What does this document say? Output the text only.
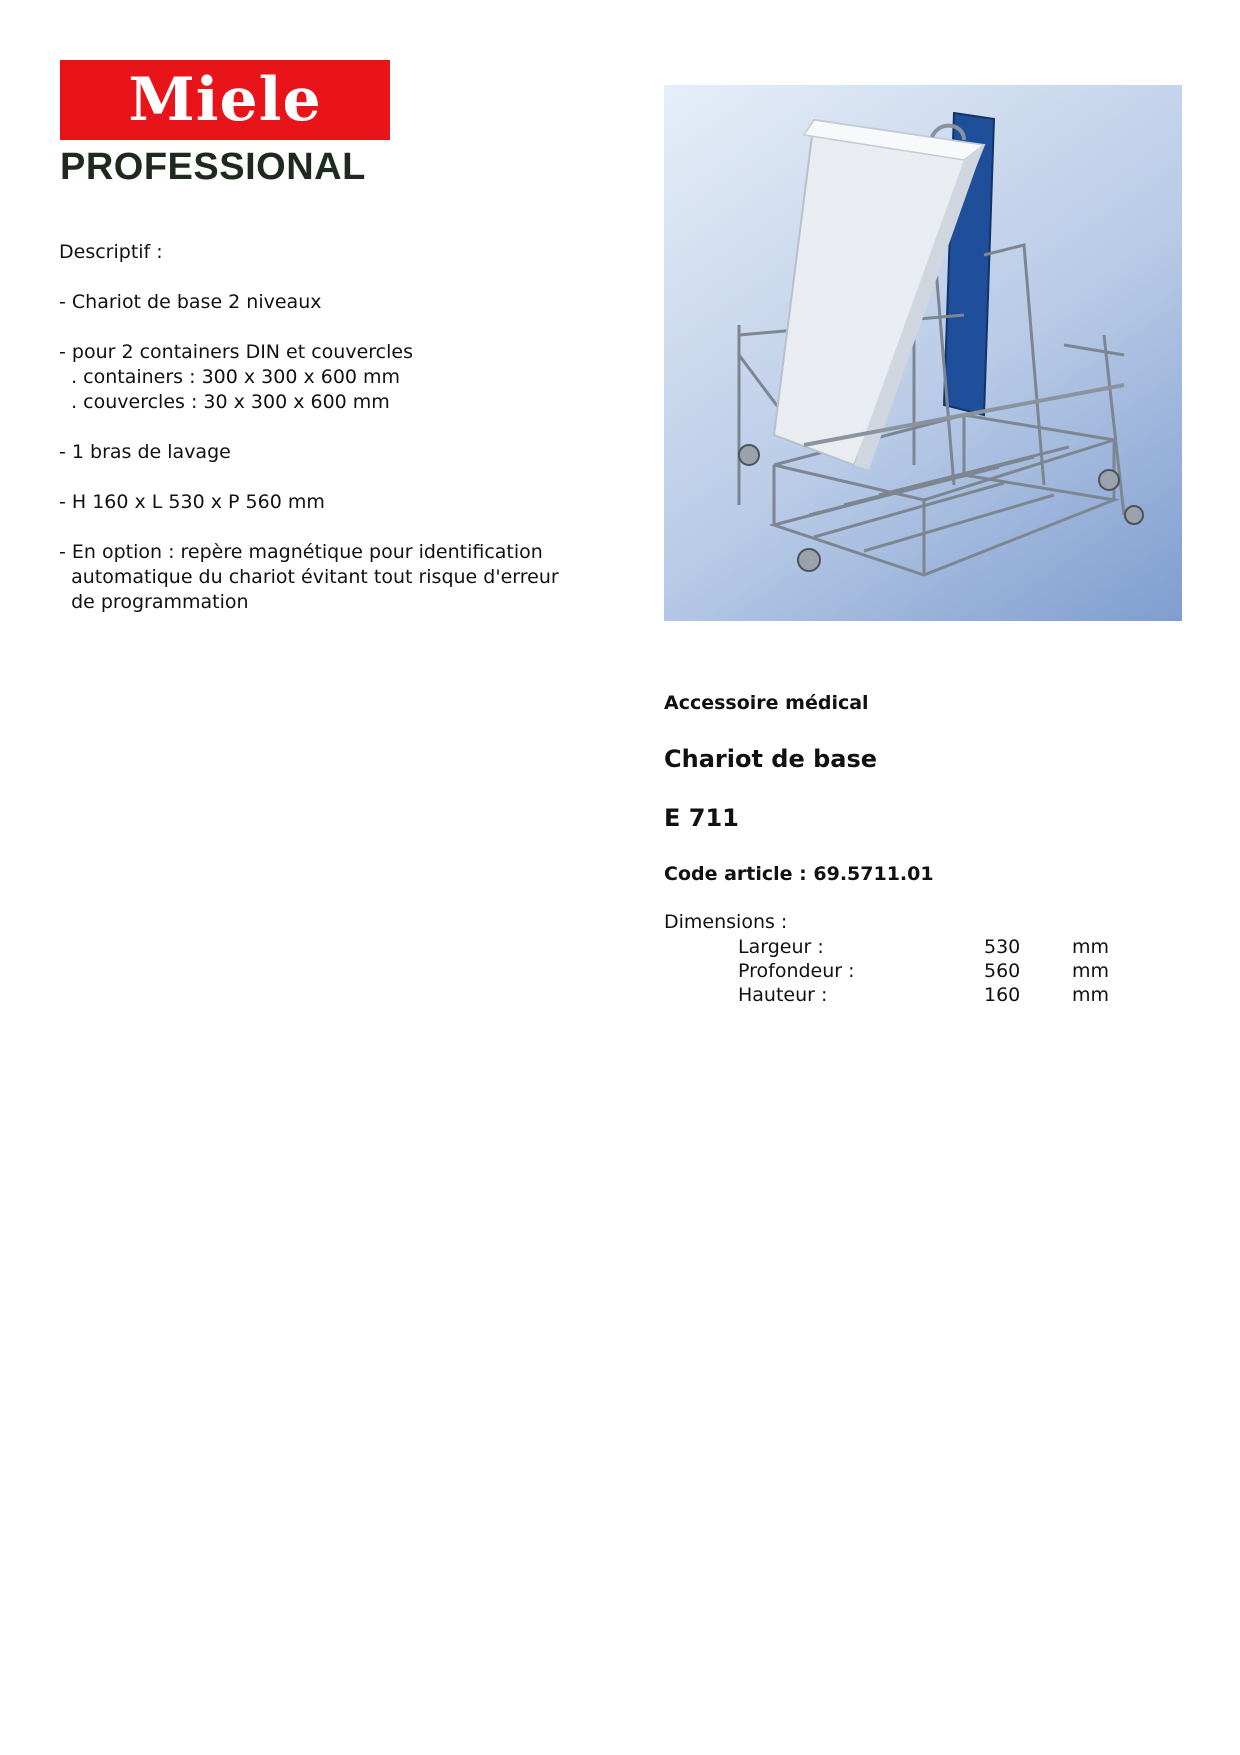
Miele
PROFESSIONAL
Descriptif :
- Chariot de base 2 niveaux
- pour 2 containers DIN et couvercles
. containers : 300 x 300 x 600 mm
. couvercles : 30 x 300 x 600 mm
- 1 bras de lavage
- H 160 x L 530 x P 560 mm
- En option : repère magnétique pour identification
automatique du chariot évitant tout risque d'erreur
de programmation
Accessoire médical
Chariot de base
E 711
Code article : 69.5711.01
Dimensions :
Largeur :	530	mm
Profondeur :	560	mm
Hauteur :	160	mm
